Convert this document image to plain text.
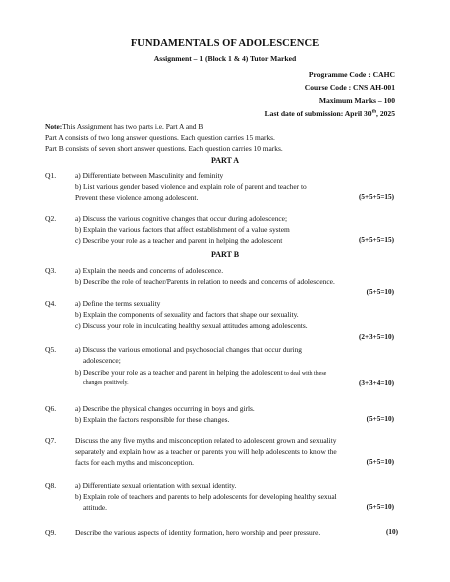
FUNDAMENTALS OF ADOLESCENCE
Assignment – 1 (Block 1 & 4) Tutor Marked
Programme Code : CAHC
Course Code : CNS AH-001
Maximum Marks – 100
Last date of submission: April 30th, 2025
Note:This Assignment has two parts i.e. Part A and B
Part A consists of two long answer questions. Each question carries 15 marks.
Part B consists of seven short answer questions. Each question carries 10 marks.
PART A
Q1.	a) Differentiate between Masculinity and feminity
b) List various gender based violence and explain role of parent and teacher to
Prevent these violence among adolescent.	(5+5+5=15)
Q2.	a) Discuss the various cognitive changes that occur during adolescence;
b) Explain the various factors that affect establishment of a value system
c) Describe your role as a teacher and parent in helping the adolescent	(5+5+5=15)
PART B
Q3.	a) Explain the needs and concerns of adolescence.
b) Describe the role of teacher/Parents in relation to needs and concerns of adolescence.
(5+5=10)
Q4.	a) Define the terms sexuality
b) Explain the components of sexuality and factors that shape our sexuality.
c) Discuss your role in inculcating healthy sexual attitudes among adolescents.
(2+3+5=10)
Q5.	a) Discuss the various emotional and psychosocial changes that occur during
adolescence;
b) Describe your role as a teacher and parent in helping the adolescent to deal with these
changes positively.	(3+3+4=10)
Q6.	a) Describe the physical changes occurring in boys and girls.
b) Explain the factors responsible for these changes.	(5+5=10)
Q7.	Discuss the any five myths and misconception related to adolescent grown and sexuality
separately and explain how as a teacher or parents you will help adolescents to know the
facts for each myths and misconception.	(5+5=10)
Q8.	a) Differentiate sexual orientation with sexual identity.
b) Explain role of teachers and parents to help adolescents for developing healthy sexual
attitude.	(5+5=10)
Q9.	Describe the various aspects of identity formation, hero worship and peer pressure.	(10)
